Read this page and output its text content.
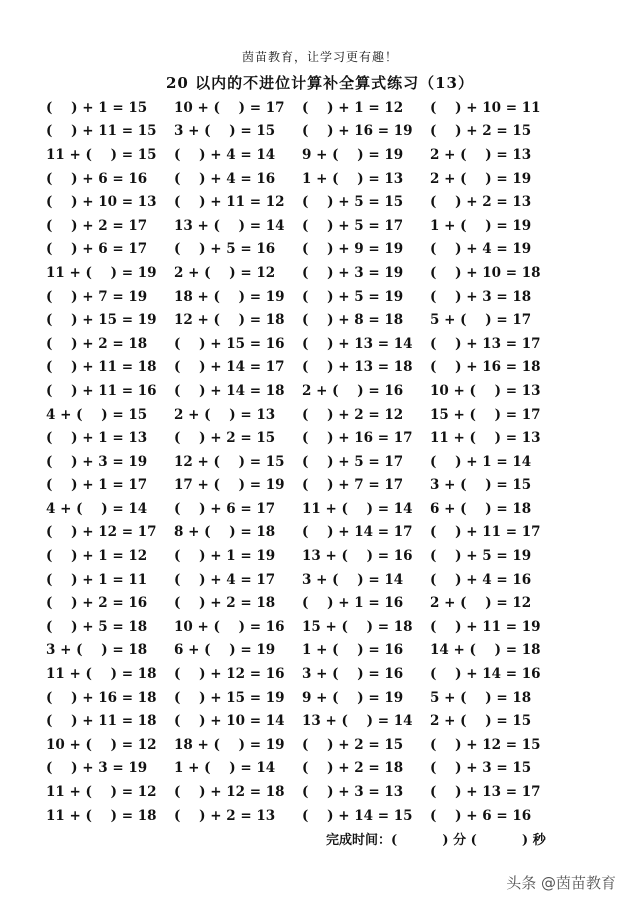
茵苗教育，让学习更有趣！
20 以内的不进位计算补全算式练习（13）
(    ) + 1 = 15	10 + (    ) = 17	(    ) + 1 = 12	(    ) + 10 = 11
(    ) + 11 = 15	3 + (    ) = 15	(    ) + 16 = 19	(    ) + 2 = 15
11 + (    ) = 15	(    ) + 4 = 14	9 + (    ) = 19	2 + (    ) = 13
(    ) + 6 = 16	(    ) + 4 = 16	1 + (    ) = 13	2 + (    ) = 19
(    ) + 10 = 13	(    ) + 11 = 12	(    ) + 5 = 15	(    ) + 2 = 13
(    ) + 2 = 17	13 + (    ) = 14	(    ) + 5 = 17	1 + (    ) = 19
(    ) + 6 = 17	(    ) + 5 = 16	(    ) + 9 = 19	(    ) + 4 = 19
11 + (    ) = 19	2 + (    ) = 12	(    ) + 3 = 19	(    ) + 10 = 18
(    ) + 7 = 19	18 + (    ) = 19	(    ) + 5 = 19	(    ) + 3 = 18
(    ) + 15 = 19	12 + (    ) = 18	(    ) + 8 = 18	5 + (    ) = 17
(    ) + 2 = 18	(    ) + 15 = 16	(    ) + 13 = 14	(    ) + 13 = 17
(    ) + 11 = 18	(    ) + 14 = 17	(    ) + 13 = 18	(    ) + 16 = 18
(    ) + 11 = 16	(    ) + 14 = 18	2 + (    ) = 16	10 + (    ) = 13
4 + (    ) = 15	2 + (    ) = 13	(    ) + 2 = 12	15 + (    ) = 17
(    ) + 1 = 13	(    ) + 2 = 15	(    ) + 16 = 17	11 + (    ) = 13
(    ) + 3 = 19	12 + (    ) = 15	(    ) + 5 = 17	(    ) + 1 = 14
(    ) + 1 = 17	17 + (    ) = 19	(    ) + 7 = 17	3 + (    ) = 15
4 + (    ) = 14	(    ) + 6 = 17	11 + (    ) = 14	6 + (    ) = 18
(    ) + 12 = 17	8 + (    ) = 18	(    ) + 14 = 17	(    ) + 11 = 17
(    ) + 1 = 12	(    ) + 1 = 19	13 + (    ) = 16	(    ) + 5 = 19
(    ) + 1 = 11	(    ) + 4 = 17	3 + (    ) = 14	(    ) + 4 = 16
(    ) + 2 = 16	(    ) + 2 = 18	(    ) + 1 = 16	2 + (    ) = 12
(    ) + 5 = 18	10 + (    ) = 16	15 + (    ) = 18	(    ) + 11 = 19
3 + (    ) = 18	6 + (    ) = 19	1 + (    ) = 16	14 + (    ) = 18
11 + (    ) = 18	(    ) + 12 = 16	3 + (    ) = 16	(    ) + 14 = 16
(    ) + 16 = 18	(    ) + 15 = 19	9 + (    ) = 19	5 + (    ) = 18
(    ) + 11 = 18	(    ) + 10 = 14	13 + (    ) = 14	2 + (    ) = 15
10 + (    ) = 12	18 + (    ) = 19	(    ) + 2 = 15	(    ) + 12 = 15
(    ) + 3 = 19	1 + (    ) = 14	(    ) + 2 = 18	(    ) + 3 = 15
11 + (    ) = 12	(    ) + 12 = 18	(    ) + 3 = 13	(    ) + 13 = 17
11 + (    ) = 18	(    ) + 2 = 13	(    ) + 14 = 15	(    ) + 6 = 16
完成时间：(          ) 分 (          ) 秒
头条 @茵苗教育
